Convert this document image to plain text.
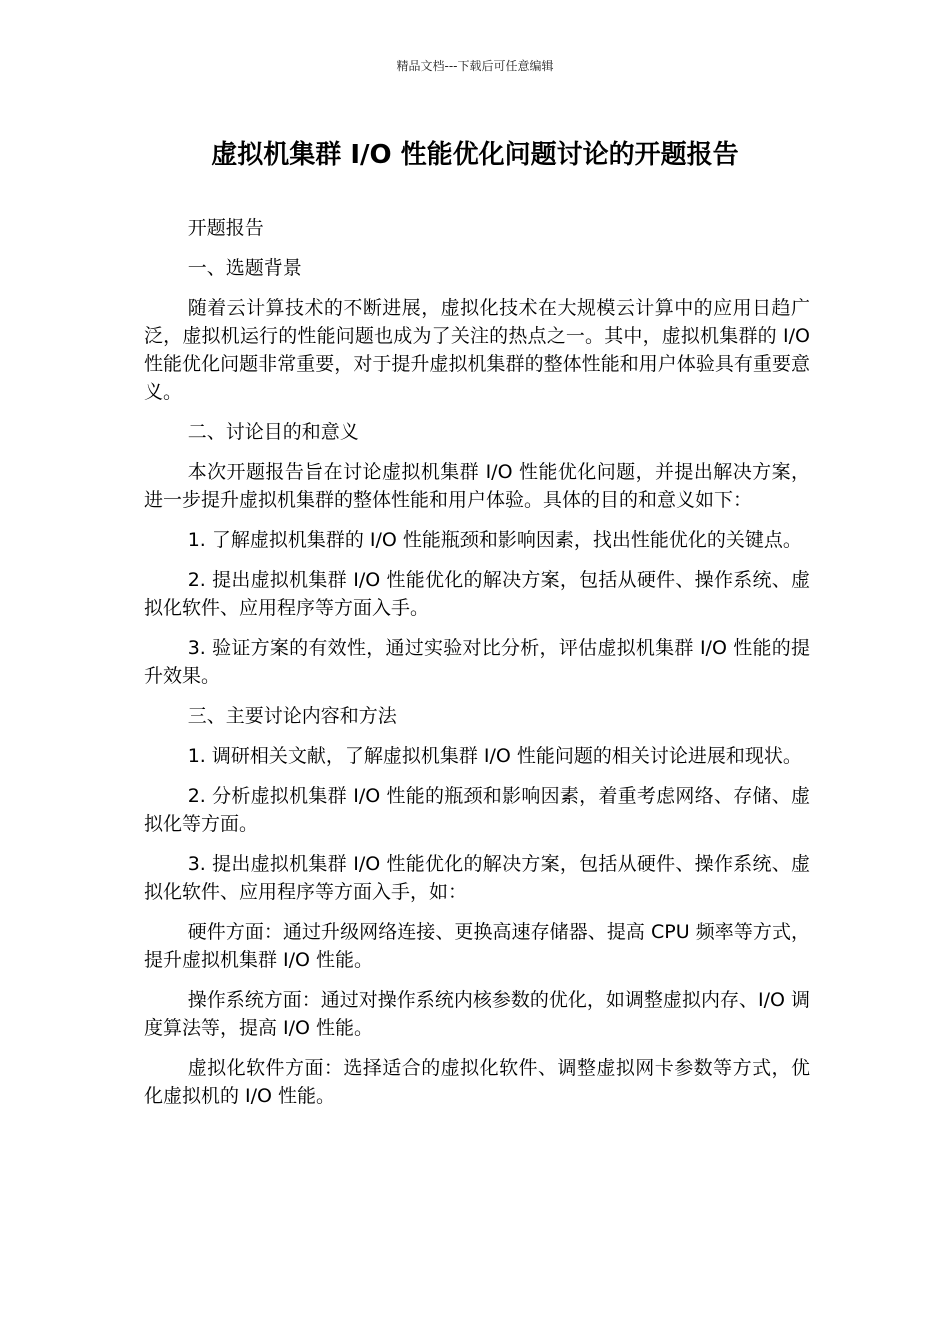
精品文档---下载后可任意编辑
虚拟机集群 I/O 性能优化问题讨论的开题报告

开题报告

一、选题背景

随着云计算技术的不断进展，虚拟化技术在大规模云计算中的应用日趋广泛，虚拟机运行的性能问题也成为了关注的热点之一。其中，虚拟机集群的 I/O 性能优化问题非常重要，对于提升虚拟机集群的整体性能和用户体验具有重要意义。

二、讨论目的和意义

本次开题报告旨在讨论虚拟机集群 I/O 性能优化问题，并提出解决方案，进一步提升虚拟机集群的整体性能和用户体验。具体的目的和意义如下：

1. 了解虚拟机集群的 I/O 性能瓶颈和影响因素，找出性能优化的关键点。

2. 提出虚拟机集群 I/O 性能优化的解决方案，包括从硬件、操作系统、虚拟化软件、应用程序等方面入手。

3. 验证方案的有效性，通过实验对比分析，评估虚拟机集群 I/O 性能的提升效果。

三、主要讨论内容和方法

1. 调研相关文献，了解虚拟机集群 I/O 性能问题的相关讨论进展和现状。

2. 分析虚拟机集群 I/O 性能的瓶颈和影响因素，着重考虑网络、存储、虚拟化等方面。

3. 提出虚拟机集群 I/O 性能优化的解决方案，包括从硬件、操作系统、虚拟化软件、应用程序等方面入手，如：

硬件方面：通过升级网络连接、更换高速存储器、提高 CPU 频率等方式，提升虚拟机集群 I/O 性能。

操作系统方面：通过对操作系统内核参数的优化，如调整虚拟内存、I/O 调度算法等，提高 I/O 性能。

虚拟化软件方面：选择适合的虚拟化软件、调整虚拟网卡参数等方式，优化虚拟机的 I/O 性能。
